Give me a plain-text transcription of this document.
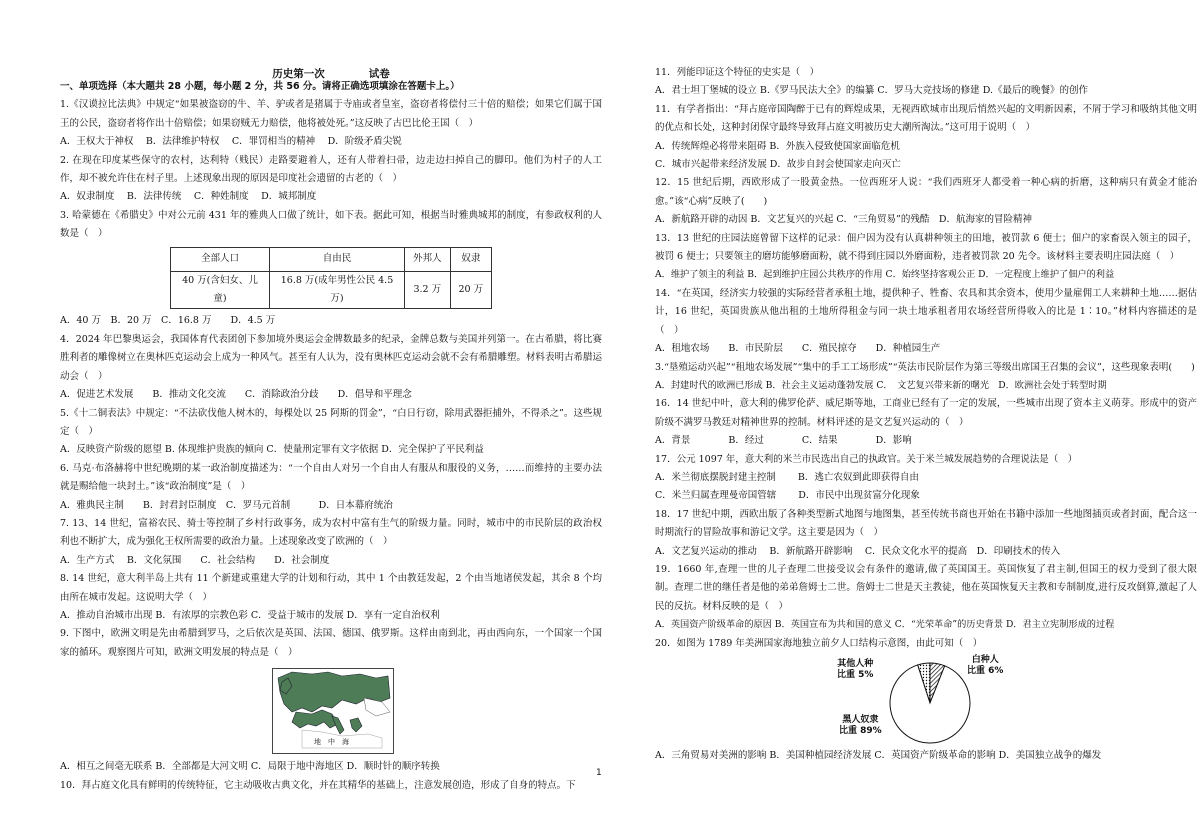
历史第一次	试卷

一、单项选择（本大题共 28 小题，每小题 2 分，共 56 分。请将正确选项填涂在答题卡上。）

1.《汉谟拉比法典》中规定“如果被盗窃的牛、羊、驴或者是猪属于寺庙或者皇室，盗窃者将偿付三十倍的赔偿；如果它们属于国王的公民，盗窃者将作出十倍赔偿；如果窃贼无力赔偿，他将被处死。”这反映了古巴比伦王国（　）

A．王权大于神权　 B．法律维护特权　 C．罪罚相当的精神　 D．阶级矛盾尖锐

2. 在现在印度某些保守的农村，达利特（贱民）走路要避着人，还有人带着扫帚，边走边扫掉自己的脚印。他们为村子的人工作，却不被允许住在村子里。上述现象出现的原因是印度社会遗留的古老的（　）

A．奴隶制度　 B．法律传统　 C．种姓制度　 D．城邦制度

3. 哈蒙德在《希腊史》中对公元前 431 年的雅典人口做了统计，如下表。据此可知，根据当时雅典城邦的制度，有参政权利的人数是（　）

全部人口	自由民	外邦人	奴隶
40 万(含妇女、儿童)	16.8 万(成年男性公民 4.5 万)	3.2 万	20 万

A．40 万　B．20 万　C．16.8 万　　D．4.5 万

4．2024 年巴黎奥运会，我国体育代表团创下参加境外奥运会金牌数最多的纪录，金牌总数与美国并列第一。在古希腊，将比赛胜利者的雕像树立在奥林匹克运动会上成为一种风气。甚至有人认为，没有奥林匹克运动会就不会有希腊雕塑。材料表明古希腊运动会（　）

A．促进艺术发展　　B．推动文化交流　　C．消除政治分歧　　D．倡导和平理念

5.《十二铜表法》中规定：“不法砍伐他人树木的，每棵处以 25 阿斯的罚金”，“白日行窃，除用武器拒捕外，不得杀之”。这些规定（　）

A．反映资产阶级的愿望 B. 体现维护贵族的倾向 C．使量刑定罪有文字依据 D．完全保护了平民利益

6. 马克·布洛赫将中世纪晚期的某一政治制度描述为：“一个自由人对另一个自由人有服从和服役的义务，……而维持的主要办法就是赐给他一块封土。”该“政治制度”是（　）

A．雅典民主制　　B．封君封臣制度　C．罗马元首制　　　D．日本幕府统治

7. 13、14 世纪，富裕农民、骑士等控制了乡村行政事务，成为农村中富有生气的阶级力量。同时，城市中的市民阶层的政治权利也不断扩大，成为强化王权所需要的政治力量。上述现象改变了欧洲的（　）

A．生产方式　 B．文化氛围　　C．社会结构　　D．社会制度

8. 14 世纪，意大利半岛上共有 11 个新建或重建大学的计划和行动，其中 1 个由教廷发起，2 个由当地诸侯发起，其余 8 个均由所在城市发起。这说明大学（　）

A．推动自治城市出现 B．有浓厚的宗教色彩 C．受益于城市的发展 D．享有一定自治权利

9. 下图中，欧洲文明是先由希腊到罗马，之后依次是英国、法国、德国、俄罗斯。这样由南到北，再由西向东，一个国家一个国家的循环。观察图片可知，欧洲文明发展的特点是（　）

地　中　海

A．相互之间毫无联系 B．全部都是大河文明 C．局限于地中海地区 D．顺时针的顺序转换

10．拜占庭文化具有鲜明的传统特征，它主动吸收古典文化，并在其精华的基础上，注意发展创造，形成了自身的特点。下

11．列能印证这个特征的史实是（　）

A．君士坦丁堡城的设立 B.《罗马民法大全》的编纂 C．罗马大竞技场的修建 D.《最后的晚餐》的创作

11．有学者指出：“拜占庭帝国陶醉于已有的辉煌成果，无视西欧城市出现后悄然兴起的文明新因素，不屑于学习和吸纳其他文明的优点和长处，这种封闭保守最终导致拜占庭文明被历史大潮所淘汰。”这可用于说明（　）

A．传统辉煌必将带来阻碍 B．外族入侵致使国家面临危机

C．城市兴起带来经济发展 D．故步自封会使国家走向灭亡

12．15 世纪后期，西欧形成了一股黄金热。一位西班牙人说：“我们西班牙人都受着一种心病的折磨，这种病只有黄金才能治愈。”该“心病”反映了(　　)

A．新航路开辟的动因 B．文艺复兴的兴起 C．“三角贸易”的残酷　D．航海家的冒险精神

13．13 世纪的庄园法庭曾留下这样的记录：佃户因为没有认真耕种领主的田地，被罚款 6 便士；佃户的家畜误入领主的园子，被罚 6 便士；只要领主的磨坊能够磨面粉，就不得到庄园以外磨面粉，违者被罚款 20 先令。该材料主要表明庄园法庭（　）

A．维护了领主的利益 B．起到维护庄园公共秩序的作用 C．始终坚持客观公正 D．一定程度上维护了佃户的利益

14．“在英国，经济实力较强的实际经营者承租土地，提供种子、牲畜、农具和其余资本，使用少量雇佣工人来耕种土地……据估计，16 世纪，英国贵族从他出租的土地所得租金与同一块土地承租者用农场经营所得收入的比是 1∶10。”材料内容描述的是（　）

A．租地农场　　B．市民阶层　　C．殖民掠夺　　D．种植园生产

3.“垦殖运动兴起”“租地农场发展”“集中的手工工场形成”“英法市民阶层作为第三等级出席国王召集的会议”，这些现象表明(　　)

A．封建时代的欧洲已形成 B．社会主义运动蓬勃发展 C．　文艺复兴带来新的曙光　D．欧洲社会处于转型时期

16．14 世纪中叶，意大利的佛罗伦萨、威尼斯等地，工商业已经有了一定的发展，一些城市出现了资本主义萌芽。形成中的资产阶级不满罗马教廷对精神世界的控制。材料评述的是文艺复兴运动的（　）

A．背景　　　　B．经过　　　　C．结果　　　　D．影响

17．公元 1097 年，意大利的米兰市民选出自己的执政官。关于米兰城发展趋势的合理说法是（　）

A．米兰彻底摆脱封建主控制　　 B．逃亡农奴到此即获得自由

C．米兰归属查理曼帝国管辖　　 D．市民中出现贫富分化现象

18．17 世纪中期，西欧出版了各种类型新式地图与地图集，甚至传统书商也开始在书籍中添加一些地图插页或者封面，配合这一时期流行的冒险故事和游记文学。这主要是因为（　）

A．文艺复兴运动的推动　 B．新航路开辟影响　 C．民众文化水平的提高　D．印刷技术的传入

19．1660 年,查理一世的儿子查理二世接受议会有条件的邀请,做了英国国王。英国恢复了君主制,但国王的权力受到了很大限制。查理二世的继任者是他的弟弟詹姆士二世。詹姆士二世是天主教徒，他在英国恢复天主教和专制制度,进行反攻倒算,激起了人民的反抗。材料反映的是（　）

A．英国资产阶级革命的原因 B．英国宣布为共和国的意义 C．“光荣革命”的历史背景 D．君主立宪制形成的过程

20．如图为 1789 年美洲国家海地独立前夕人口结构示意图，由此可知（　）

其他人种
比重 5%
白种人
比重 6%
黑人奴隶
比重 89%

A．三角贸易对美洲的影响 B．美国种植园经济发展 C．英国资产阶级革命的影响 D．美国独立战争的爆发

1
